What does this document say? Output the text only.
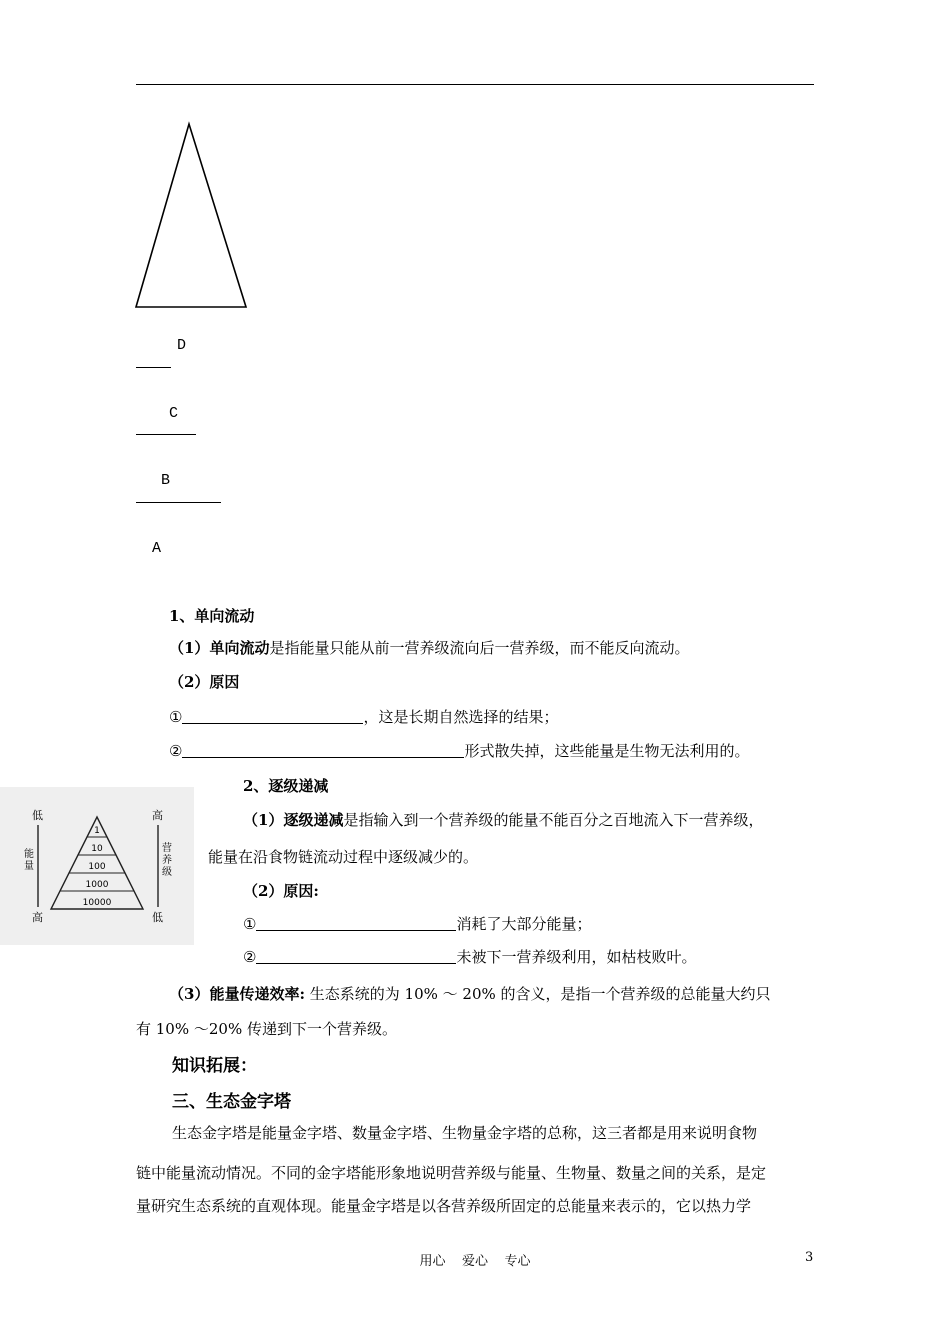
D
C
B
A
1、单向流动
（1）单向流动是指能量只能从前一营养级流向后一营养级，而不能反向流动。
（2）原因
①	，这是长期自然选择的结果；
②	形式散失掉，这些能量是生物无法利用的。
1
10
100
1000
10000
低
能量
高
高
营养级
低
2、逐级递减
（1）逐级递减是指输入到一个营养级的能量不能百分之百地流入下一营养级，
能量在沿食物链流动过程中逐级减少的。
（2）原因:
①	消耗了大部分能量；
②	未被下一营养级利用，如枯枝败叶。
（3）能量传递效率: 生态系统的为 10% ～ 20% 的含义，是指一个营养级的总能量大约只
有 10% ～20% 传递到下一个营养级。
知识拓展：
三、生态金字塔
生态金字塔是能量金字塔、数量金字塔、生物量金字塔的总称，这三者都是用来说明食物
链中能量流动情况。不同的金字塔能形象地说明营养级与能量、生物量、数量之间的关系，是定
量研究生态系统的直观体现。能量金字塔是以各营养级所固定的总能量来表示的，它以热力学
用心    爱心    专心	3
